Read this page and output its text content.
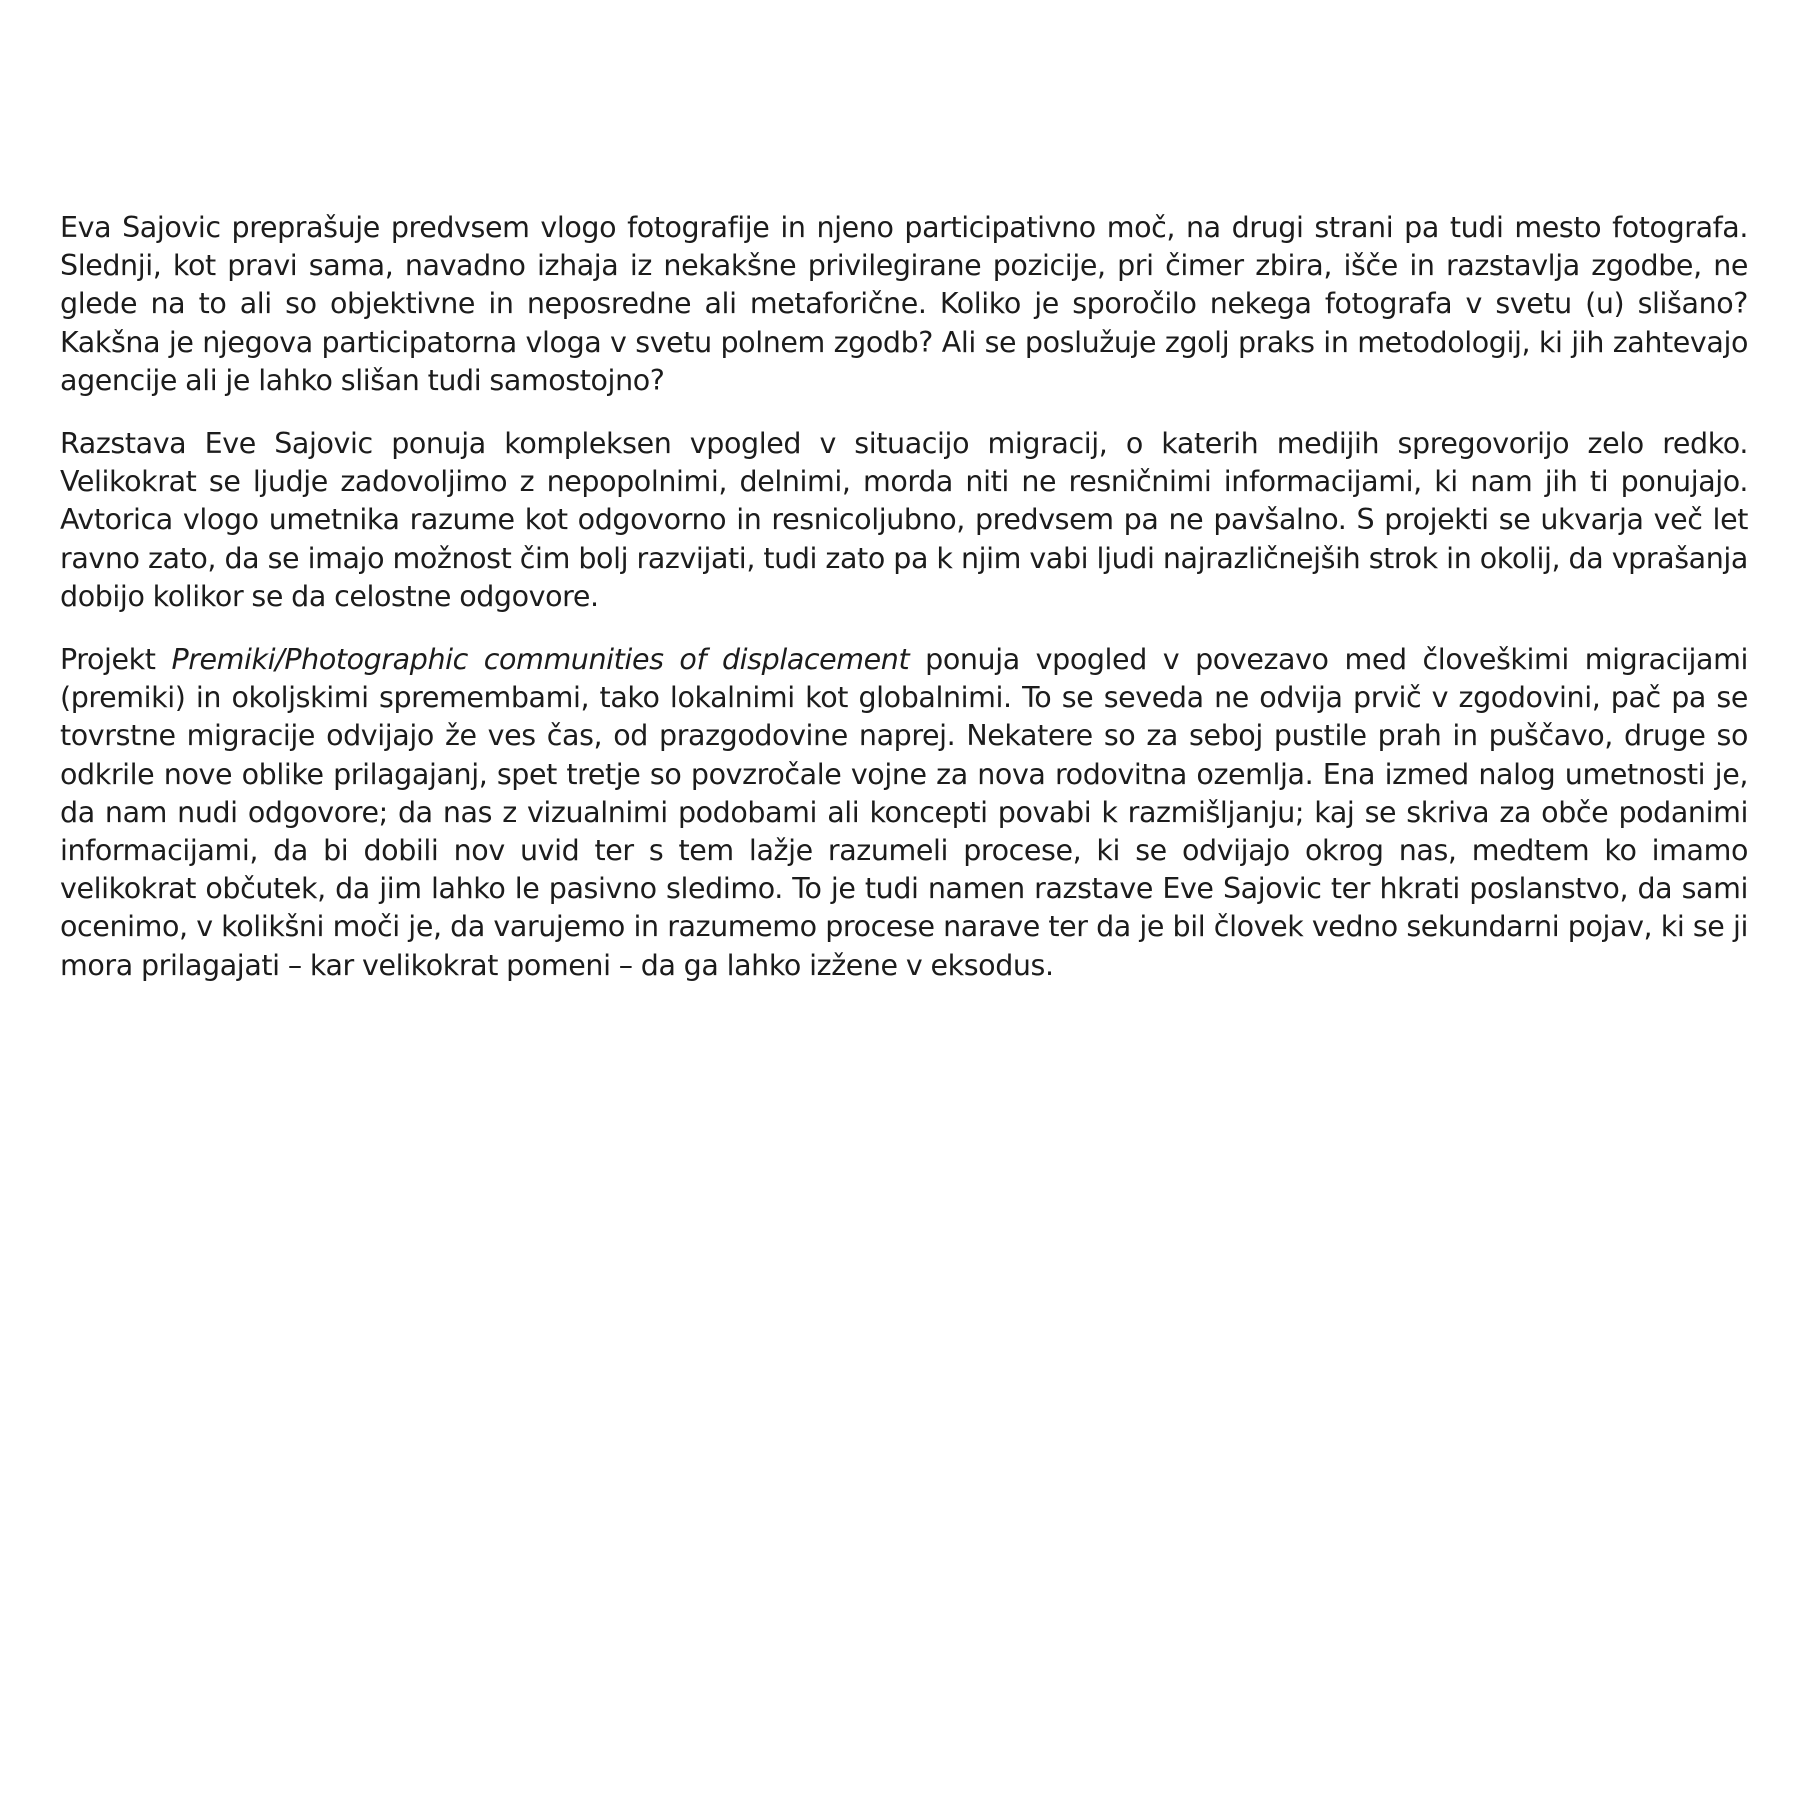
Eva Sajovic preprašuje predvsem vlogo fotografije in njeno participativno moč, na drugi strani pa tudi mesto fotografa. Slednji, kot pravi sama, navadno izhaja iz nekakšne privilegirane pozicije, pri čimer zbira, išče in razstavlja zgodbe, ne glede na to ali so objektivne in neposredne ali metaforične. Koliko je sporočilo nekega fotografa v svetu (u) slišano? Kakšna je njegova participatorna vloga v svetu polnem zgodb? Ali se poslužuje zgolj praks in metodologij, ki jih zahtevajo agencije ali je lahko slišan tudi samostojno?

Razstava Eve Sajovic ponuja kompleksen vpogled v situacijo migracij, o katerih medijih spregovorijo zelo redko. Velikokrat se ljudje zadovoljimo z nepopolnimi, delnimi, morda niti ne resničnimi informacijami, ki nam jih ti ponujajo. Avtorica vlogo umetnika razume kot odgovorno in resnicoljubno, predvsem pa ne pavšalno. S projekti se ukvarja več let ravno zato, da se imajo možnost čim bolj razvijati, tudi zato pa k njim vabi ljudi najrazličnejših strok in okolij, da vprašanja dobijo kolikor se da celostne odgovore.

Projekt Premiki/Photographic communities of displacement ponuja vpogled v povezavo med človeškimi migracijami (premiki) in okoljskimi spremembami, tako lokalnimi kot globalnimi. To se seveda ne odvija prvič v zgodovini, pač pa se tovrstne migracije odvijajo že ves čas, od prazgodovine naprej. Nekatere so za seboj pustile prah in puščavo, druge so odkrile nove oblike prilagajanj, spet tretje so povzročale vojne za nova rodovitna ozemlja. Ena izmed nalog umetnosti je, da nam nudi odgovore; da nas z vizualnimi podobami ali koncepti povabi k razmišljanju; kaj se skriva za obče podanimi informacijami, da bi dobili nov uvid ter s tem lažje razumeli procese, ki se odvijajo okrog nas, medtem ko imamo velikokrat občutek, da jim lahko le pasivno sledimo. To je tudi namen razstave Eve Sajovic ter hkrati poslanstvo, da sami ocenimo, v kolikšni moči je, da varujemo in razumemo procese narave ter da je bil človek vedno sekundarni pojav, ki se ji mora prilagajati – kar velikokrat pomeni – da ga lahko izžene v eksodus.
